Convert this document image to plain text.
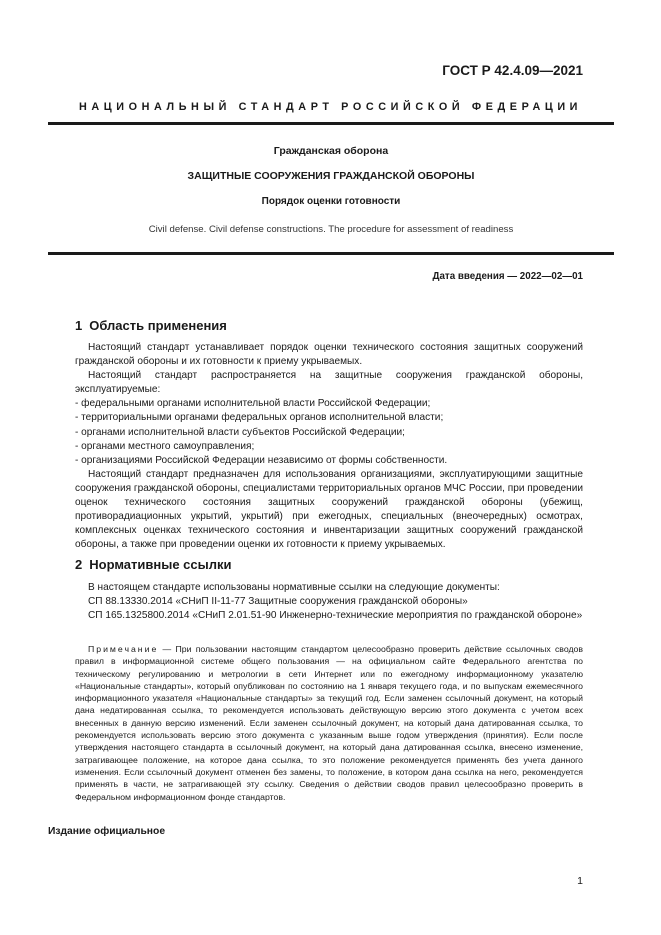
ГОСТ Р 42.4.09—2021
НАЦИОНАЛЬНЫЙ СТАНДАРТ РОССИЙСКОЙ ФЕДЕРАЦИИ
Гражданская оборона
ЗАЩИТНЫЕ СООРУЖЕНИЯ ГРАЖДАНСКОЙ ОБОРОНЫ
Порядок оценки готовности
Civil defense. Civil defense constructions. The procedure for assessment of readiness
Дата введения — 2022—02—01
1 Область применения

Настоящий стандарт устанавливает порядок оценки технического состояния защитных сооружений гражданской обороны и их готовности к приему укрываемых.

Настоящий стандарт распространяется на защитные сооружения гражданской обороны, эксплуатируемые:

- федеральными органами исполнительной власти Российской Федерации;
- территориальными органами федеральных органов исполнительной власти;
- органами исполнительной власти субъектов Российской Федерации;
- органами местного самоуправления;
- организациями Российской Федерации независимо от формы собственности.

Настоящий стандарт предназначен для использования организациями, эксплуатирующими защитные сооружения гражданской обороны, специалистами территориальных органов МЧС России, при проведении оценок технического состояния защитных сооружений гражданской обороны (убежищ, противорадиационных укрытий, укрытий) при ежегодных, специальных (внеочередных) осмотрах, комплексных оценках технического состояния и инвентаризации защитных сооружений гражданской обороны, а также при проведении оценки их готовности к приему укрываемых.

2 Нормативные ссылки

В настоящем стандарте использованы нормативные ссылки на следующие документы:

СП 88.13330.2014 «СНиП II-11-77 Защитные сооружения гражданской обороны»

СП 165.1325800.2014 «СНиП 2.01.51-90 Инженерно-технические мероприятия по гражданской обороне»

Примечание — При пользовании настоящим стандартом целесообразно проверить действие ссылочных сводов правил в информационной системе общего пользования — на официальном сайте Федерального агентства по техническому регулированию и метрологии в сети Интернет или по ежегодному информационному указателю «Национальные стандарты», который опубликован по состоянию на 1 января текущего года, и по выпускам ежемесячного информационного указателя «Национальные стандарты» за текущий год. Если заменен ссылочный документ, на который дана недатированная ссылка, то рекомендуется использовать действующую версию этого документа с учетом всех внесенных в данную версию изменений. Если заменен ссылочный документ, на который дана датированная ссылка, то рекомендуется использовать версию этого документа с указанным выше годом утверждения (принятия). Если после утверждения настоящего стандарта в ссылочный документ, на который дана датированная ссылка, внесено изменение, затрагивающее положение, на которое дана ссылка, то это положение рекомендуется применять без учета данного изменения. Если ссылочный документ отменен без замены, то положение, в котором дана ссылка на него, рекомендуется применять в части, не затрагивающей эту ссылку. Сведения о действии сводов правил целесообразно проверить в Федеральном информационном фонде стандартов.

Издание официальное
1
